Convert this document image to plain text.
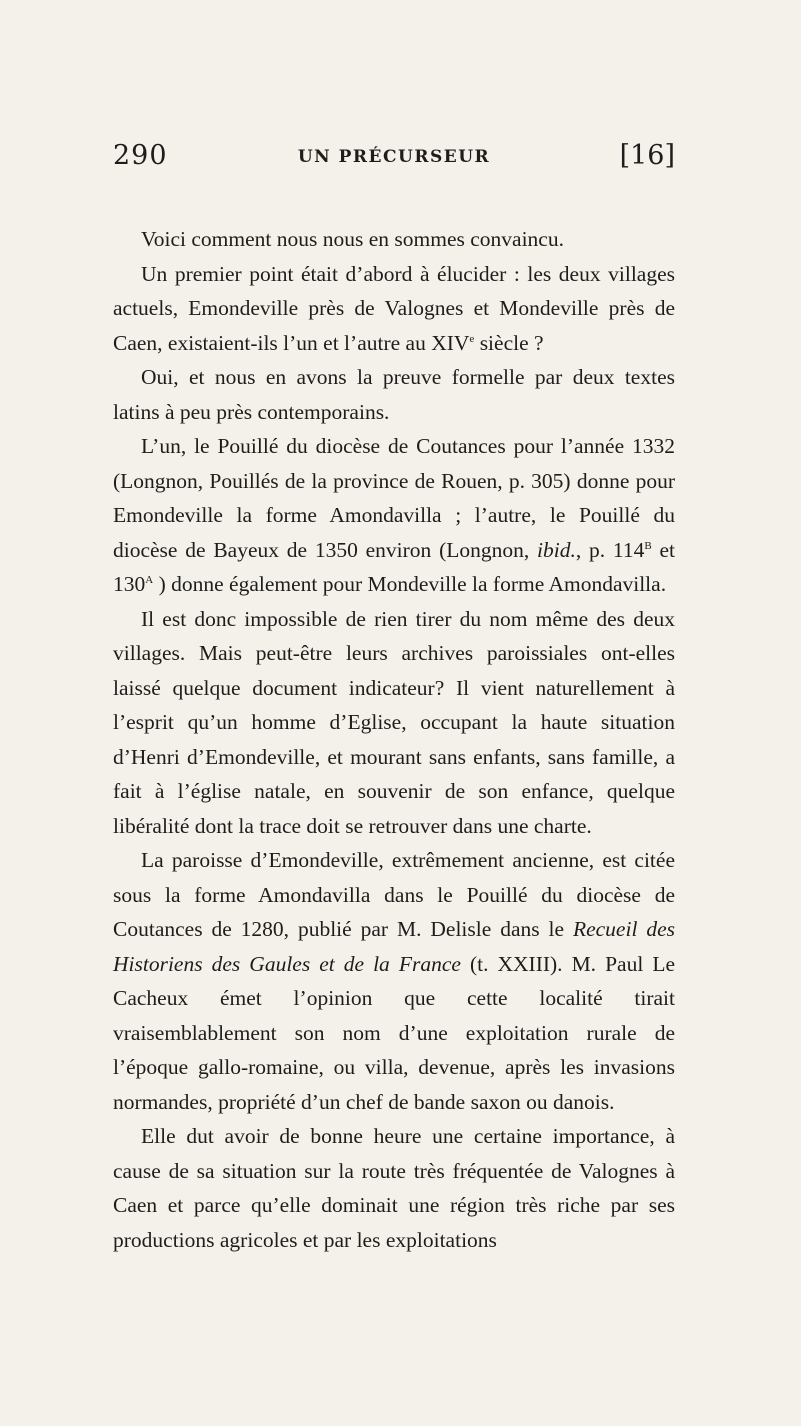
290	UN PRÉCURSEUR	[16]

Voici comment nous nous en sommes convaincu.

Un premier point était d’abord à élucider : les deux villages actuels, Emondeville près de Valognes et Mondeville près de Caen, existaient-ils l’un et l’autre au XIVe siècle ?

Oui, et nous en avons la preuve formelle par deux textes latins à peu près contemporains.

L’un, le Pouillé du diocèse de Coutances pour l’année 1332 (Longnon, Pouillés de la province de Rouen, p. 305) donne pour Emondeville la forme Amondavilla ; l’autre, le Pouillé du diocèse de Bayeux de 1350 environ (Longnon, ibid., p. $114^B$ et $130^A$ ) donne également pour Mondeville la forme Amondavilla.

Il est donc impossible de rien tirer du nom même des deux villages. Mais peut-être leurs archives paroissiales ont-elles laissé quelque document indicateur? Il vient naturellement à l’esprit qu’un homme d’Eglise, occupant la haute situation d’Henri d’Emondeville, et mourant sans enfants, sans famille, a fait à l’église natale, en souvenir de son enfance, quelque libéralité dont la trace doit se retrouver dans une charte.

La paroisse d’Emondeville, extrêmement ancienne, est citée sous la forme Amondavilla dans le Pouillé du diocèse de Coutances de 1280, publié par M. Delisle dans le Recueil des Historiens des Gaules et de la France (t. XXIII). M. Paul Le Cacheux émet l’opinion que cette localité tirait vraisemblablement son nom d’une exploitation rurale de l’époque gallo-romaine, ou villa, devenue, après les invasions normandes, propriété d’un chef de bande saxon ou danois.

Elle dut avoir de bonne heure une certaine importance, à cause de sa situation sur la route très fréquentée de Valognes à Caen et parce qu’elle dominait une région très riche par ses productions agricoles et par les exploitations
